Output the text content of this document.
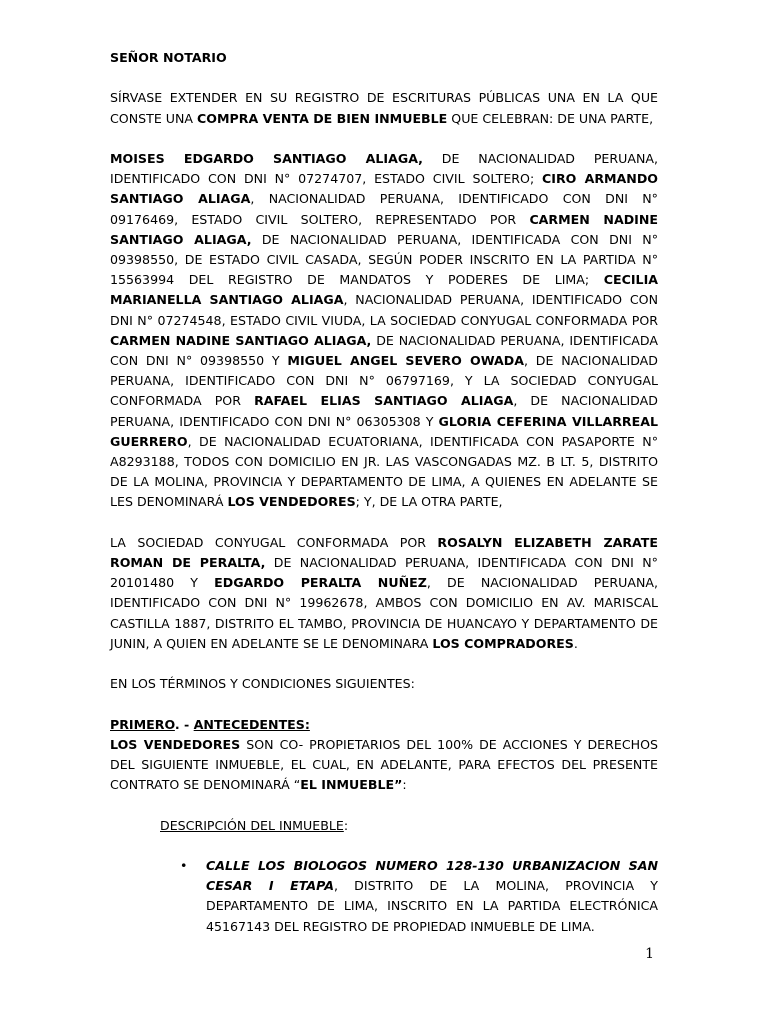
SEÑOR NOTARIO

SÍRVASE EXTENDER EN SU REGISTRO DE ESCRITURAS PÚBLICAS UNA EN LA QUE CONSTE UNA COMPRA VENTA DE BIEN INMUEBLE QUE CELEBRAN: DE UNA PARTE,

MOISES EDGARDO SANTIAGO ALIAGA, DE NACIONALIDAD PERUANA, IDENTIFICADO CON DNI N° 07274707, ESTADO CIVIL SOLTERO; CIRO ARMANDO SANTIAGO ALIAGA, NACIONALIDAD PERUANA, IDENTIFICADO CON DNI N° 09176469, ESTADO CIVIL SOLTERO, REPRESENTADO POR CARMEN NADINE SANTIAGO ALIAGA, DE NACIONALIDAD PERUANA, IDENTIFICADA CON DNI N° 09398550, DE ESTADO CIVIL CASADA, SEGÚN PODER INSCRITO EN LA PARTIDA N° 15563994 DEL REGISTRO DE MANDATOS Y PODERES DE LIMA; CECILIA MARIANELLA SANTIAGO ALIAGA, NACIONALIDAD PERUANA, IDENTIFICADO CON DNI N° 07274548, ESTADO CIVIL VIUDA, LA SOCIEDAD CONYUGAL CONFORMADA POR CARMEN NADINE SANTIAGO ALIAGA, DE NACIONALIDAD PERUANA, IDENTIFICADA CON DNI N° 09398550 Y MIGUEL ANGEL SEVERO OWADA, DE NACIONALIDAD PERUANA, IDENTIFICADO CON DNI N° 06797169, Y LA SOCIEDAD CONYUGAL CONFORMADA POR RAFAEL ELIAS SANTIAGO ALIAGA, DE NACIONALIDAD PERUANA, IDENTIFICADO CON DNI N° 06305308 Y GLORIA CEFERINA VILLARREAL GUERRERO, DE NACIONALIDAD ECUATORIANA, IDENTIFICADA CON PASAPORTE N° A8293188, TODOS CON DOMICILIO EN JR. LAS VASCONGADAS MZ. B LT. 5, DISTRITO DE LA MOLINA, PROVINCIA Y DEPARTAMENTO DE LIMA, A QUIENES EN ADELANTE SE LES DENOMINARÁ LOS VENDEDORES; Y, DE LA OTRA PARTE,

LA SOCIEDAD CONYUGAL CONFORMADA POR ROSALYN ELIZABETH ZARATE ROMAN DE PERALTA, DE NACIONALIDAD PERUANA, IDENTIFICADA CON DNI N° 20101480 Y EDGARDO PERALTA NUÑEZ, DE NACIONALIDAD PERUANA, IDENTIFICADO CON DNI N° 19962678, AMBOS CON DOMICILIO EN AV. MARISCAL CASTILLA 1887, DISTRITO EL TAMBO, PROVINCIA DE HUANCAYO Y DEPARTAMENTO DE JUNIN, A QUIEN EN ADELANTE SE LE DENOMINARA LOS COMPRADORES.

EN LOS TÉRMINOS Y CONDICIONES SIGUIENTES:

PRIMERO. - ANTECEDENTES:

LOS VENDEDORES SON CO- PROPIETARIOS DEL 100% DE ACCIONES Y DERECHOS DEL SIGUIENTE INMUEBLE, EL CUAL, EN ADELANTE, PARA EFECTOS DEL PRESENTE CONTRATO SE DENOMINARÁ “EL INMUEBLE”:

DESCRIPCIÓN DEL INMUEBLE:

• CALLE LOS BIOLOGOS NUMERO 128-130 URBANIZACION SAN CESAR I ETAPA, DISTRITO DE LA MOLINA, PROVINCIA Y DEPARTAMENTO DE LIMA, INSCRITO EN LA PARTIDA ELECTRÓNICA 45167143 DEL REGISTRO DE PROPIEDAD INMUEBLE DE LIMA.

1
